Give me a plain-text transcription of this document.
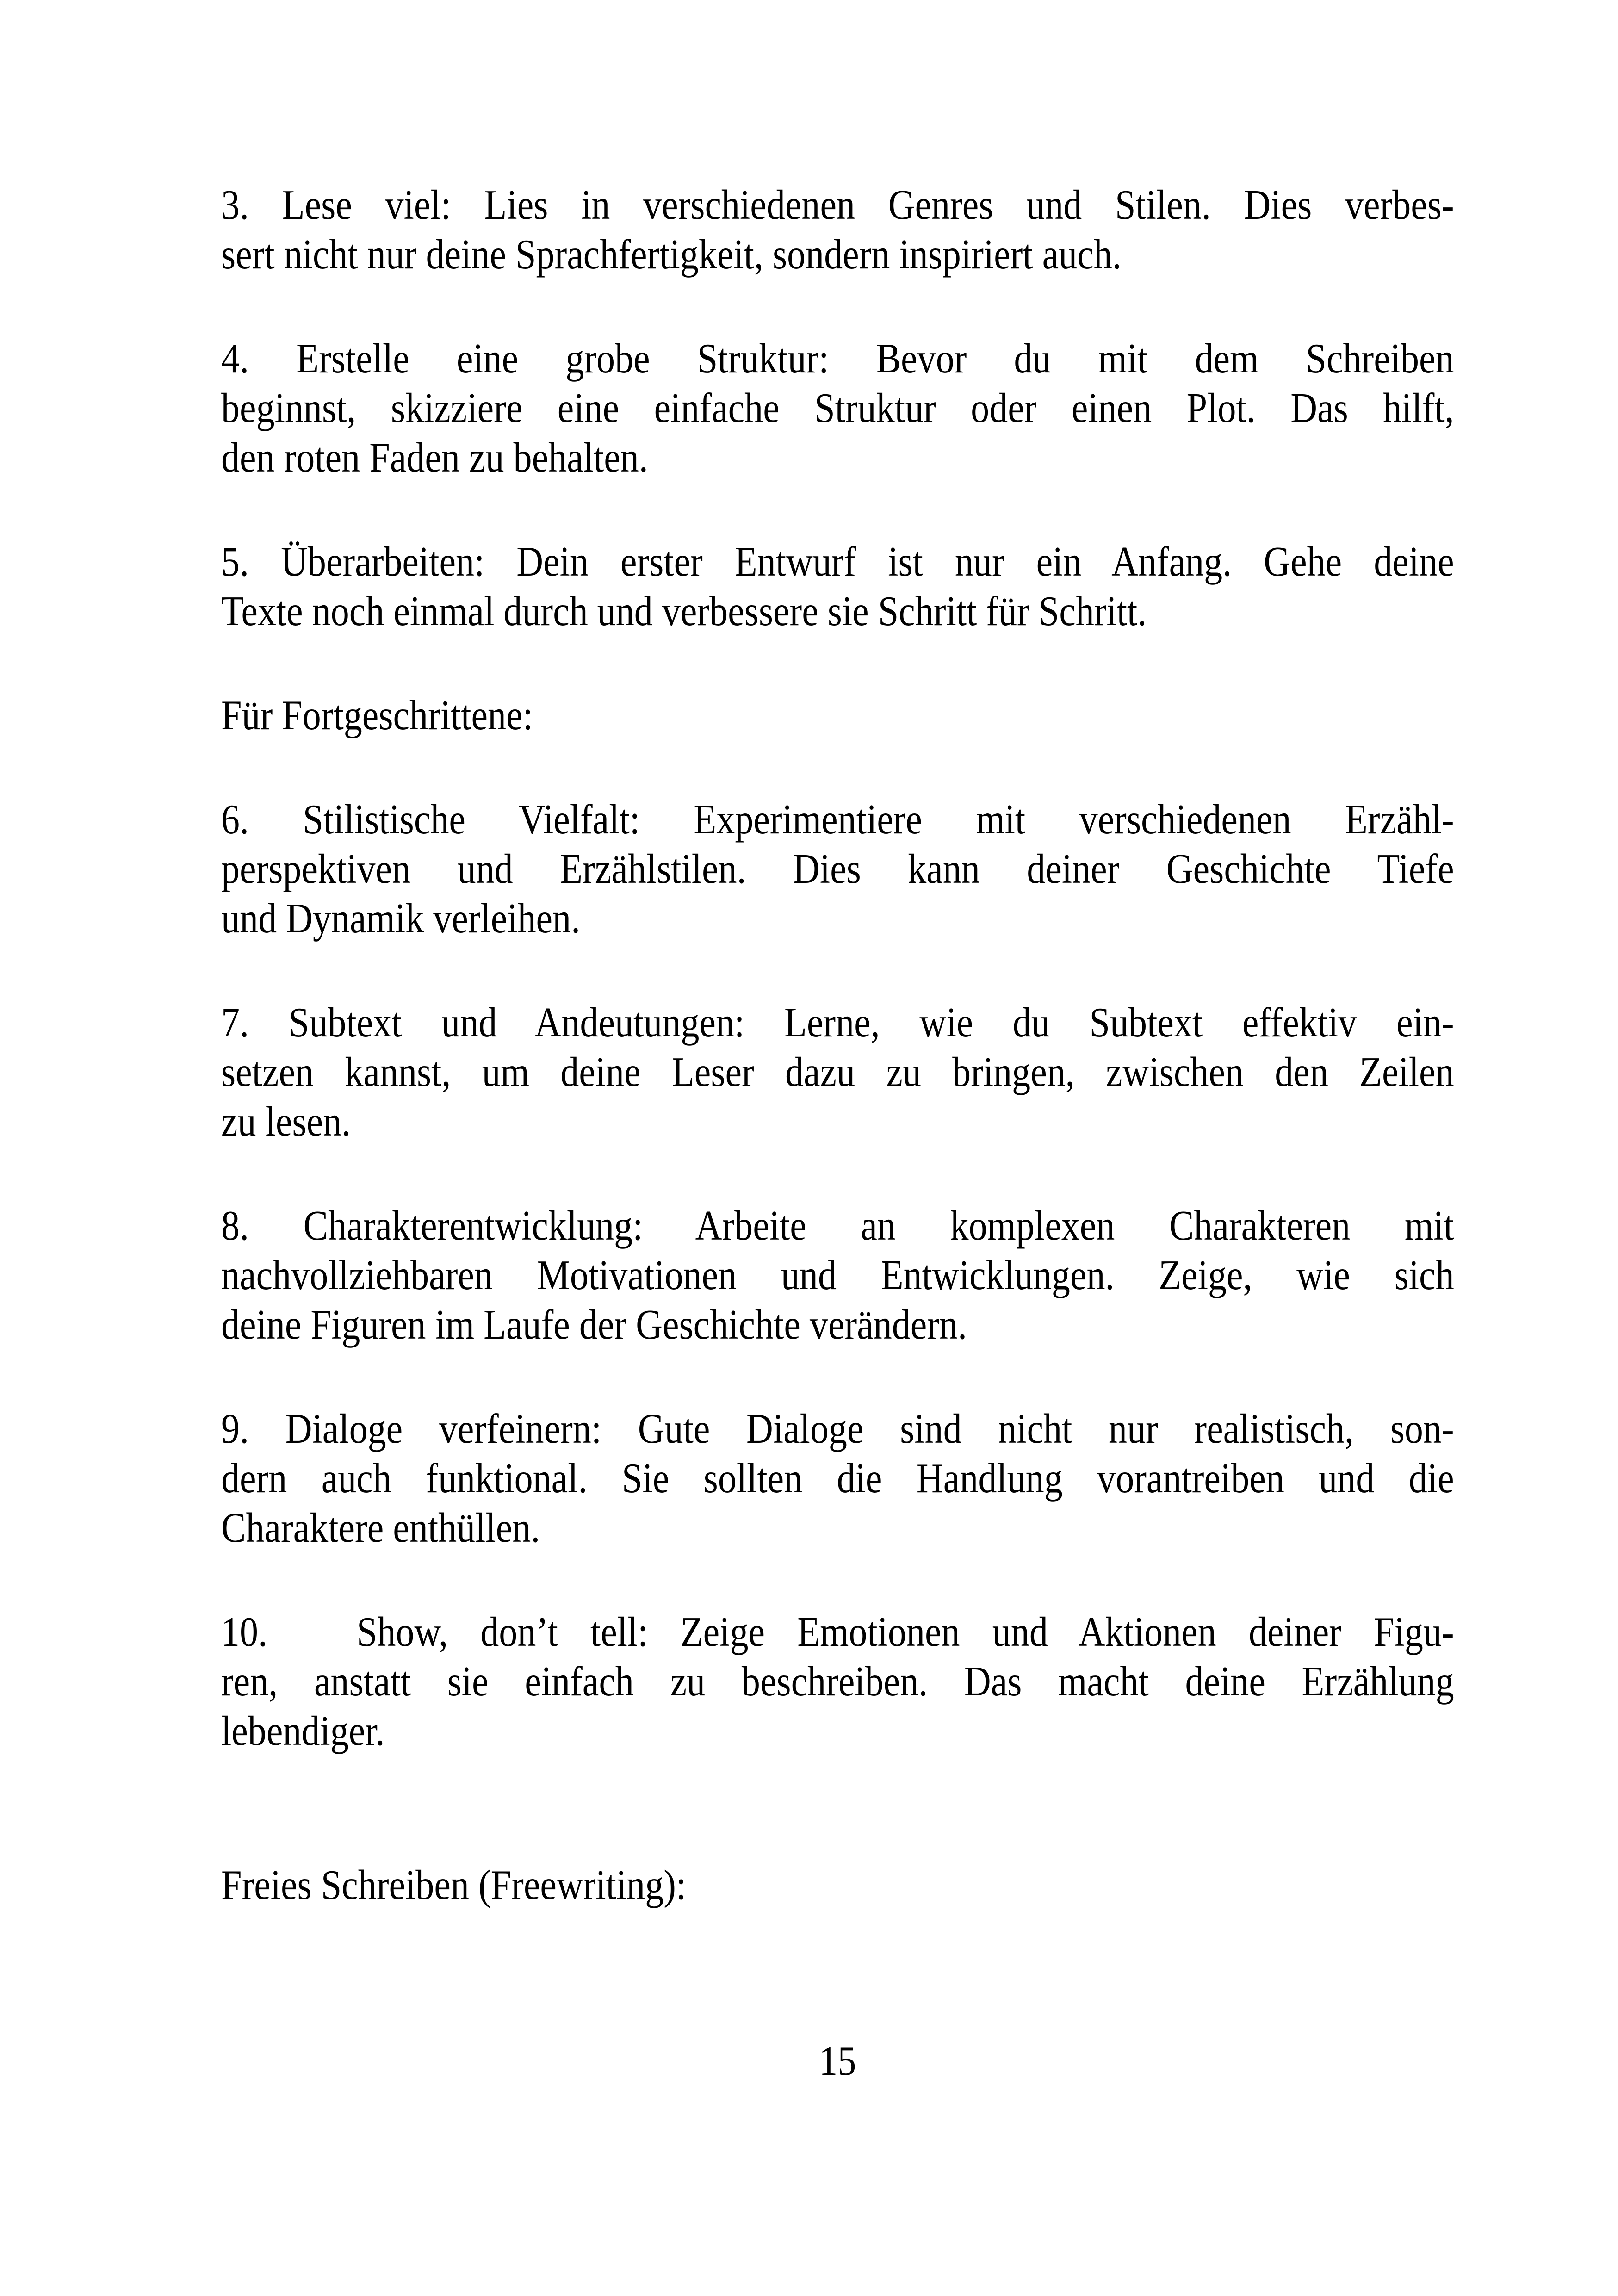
3. Lese viel: Lies in verschiedenen Genres und Stilen. Dies verbes-
sert nicht nur deine Sprachfertigkeit, sondern inspiriert auch.

4. Erstelle eine grobe Struktur: Bevor du mit dem Schreiben
beginnst, skizziere eine einfache Struktur oder einen Plot. Das hilft,
den roten Faden zu behalten.

5. Überarbeiten: Dein erster Entwurf ist nur ein Anfang. Gehe deine
Texte noch einmal durch und verbessere sie Schritt für Schritt.

Für Fortgeschrittene:

6. Stilistische Vielfalt: Experimentiere mit verschiedenen Erzähl-
perspektiven und Erzählstilen. Dies kann deiner Geschichte Tiefe
und Dynamik verleihen.

7. Subtext und Andeutungen: Lerne, wie du Subtext effektiv ein-
setzen kannst, um deine Leser dazu zu bringen, zwischen den Zeilen
zu lesen.

8. Charakterentwicklung: Arbeite an komplexen Charakteren mit
nachvollziehbaren Motivationen und Entwicklungen. Zeige, wie sich
deine Figuren im Laufe der Geschichte verändern.

9. Dialoge verfeinern: Gute Dialoge sind nicht nur realistisch, son-
dern auch funktional. Sie sollten die Handlung vorantreiben und die
Charaktere enthüllen.

10. Show, don’t tell: Zeige Emotionen und Aktionen deiner Figu-
ren, anstatt sie einfach zu beschreiben. Das macht deine Erzählung
lebendiger.

Freies Schreiben (Freewriting):

15
